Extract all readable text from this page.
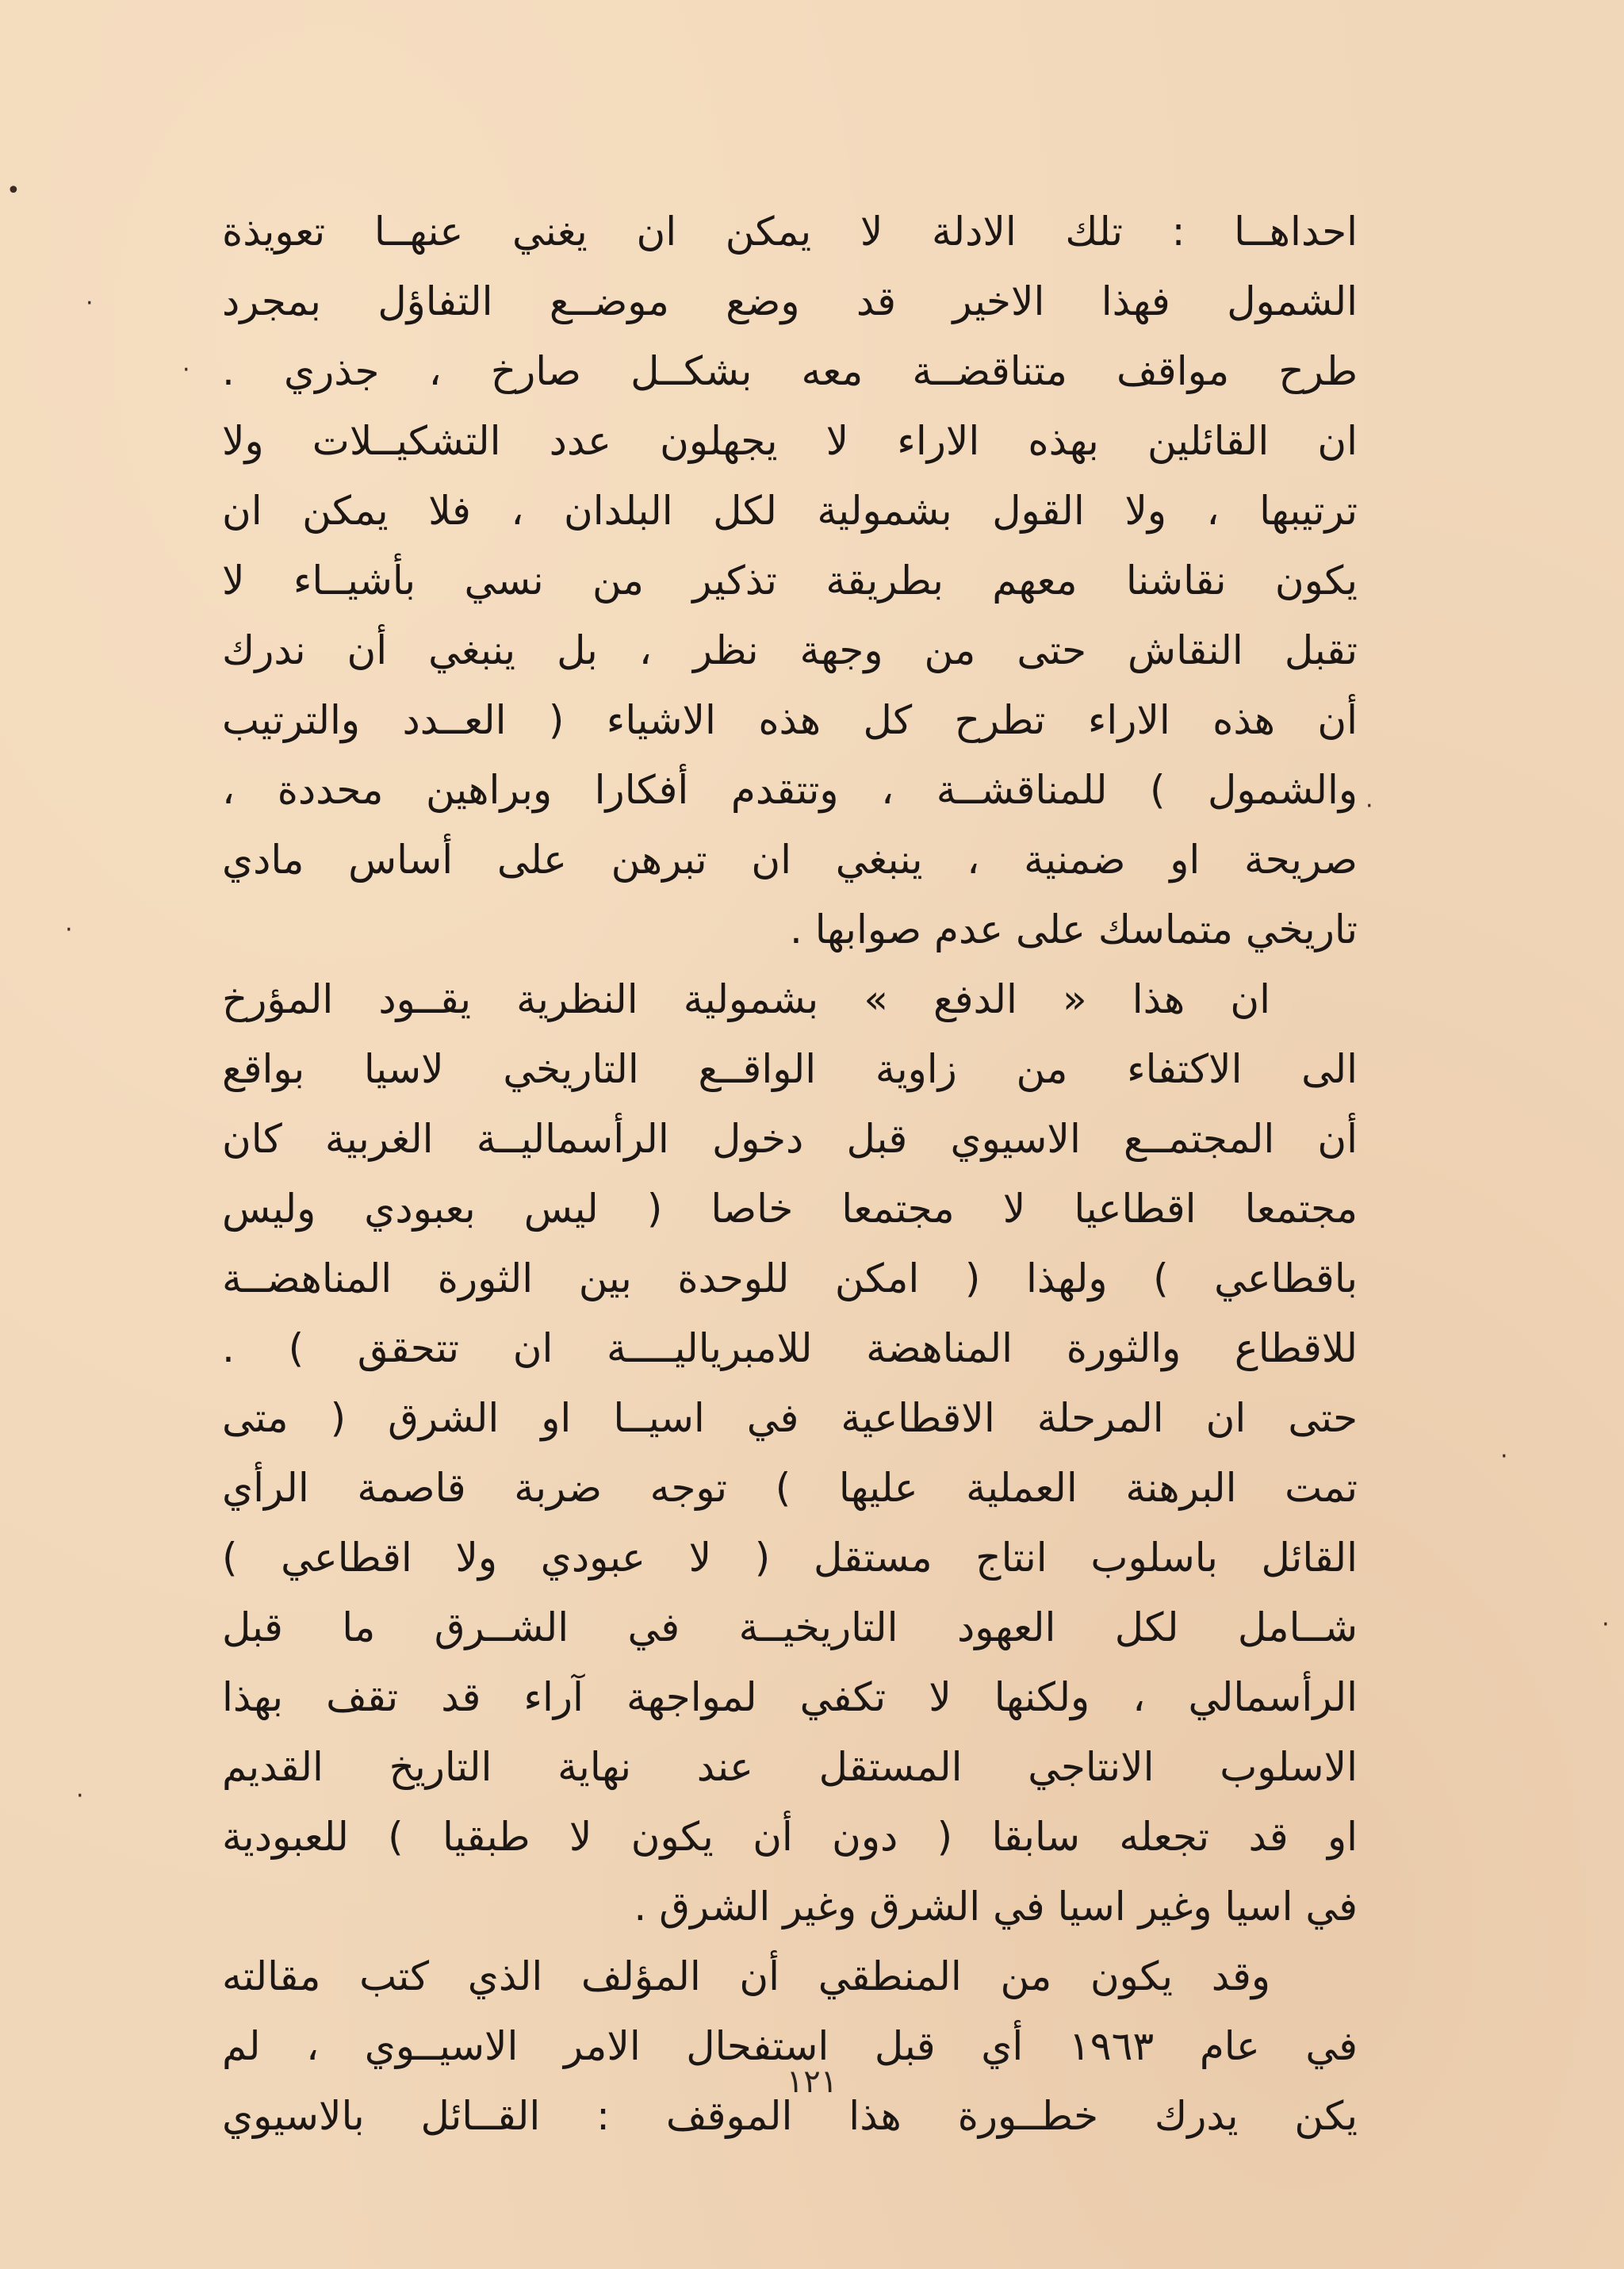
•
·
·
·
·
·
·
·
احداهــا : تلك الادلة لا يمكن ان يغني عنهــا تعويذة
الشمول فهذا الاخير قد وضع موضــع التفاؤل بمجرد
طرح مواقف متناقضــة معه بشكــل صارخ ، جذري .
ان القائلين بهذه الاراء لا يجهلون عدد التشكيــلات ولا
ترتيبها ، ولا القول بشمولية لكل البلدان ، فلا يمكن ان
يكون نقاشنا معهم بطريقة تذكير من نسي بأشيــاء لا
تقبل النقاش حتى من وجهة نظر ، بل ينبغي أن ندرك
أن هذه الاراء تطرح كل هذه الاشياء ( العــدد والترتيب
والشمول ) للمناقشــة ، وتتقدم أفكارا وبراهين محددة ،
صريحة او ضمنية ، ينبغي ان تبرهن على أساس مادي
تاريخي متماسك على عدم صوابها .
ان هذا « الدفع » بشمولية النظرية يقــود المؤرخ
الى الاكتفاء من زاوية الواقــع التاريخي لاسيا بواقع
أن المجتمــع الاسيوي قبل دخول الرأسماليــة الغربية كان
مجتمعا اقطاعيا لا مجتمعا خاصا ( ليس بعبودي وليس
باقطاعي ) ولهذا ( امكن للوحدة بين الثورة المناهضــة
للاقطاع والثورة المناهضة للامبرياليــــة ان تتحقق ) .
حتى ان المرحلة الاقطاعية في اسيــا او الشرق ( متى
تمت البرهنة العملية عليها ) توجه ضربة قاصمة الرأي
القائل باسلوب انتاج مستقل ( لا عبودي ولا اقطاعي )
شــامل لكل العهود التاريخيــة في الشــرق ما قبل
الرأسمالي ، ولكنها لا تكفي لمواجهة آراء قد تقف بهذا
الاسلوب الانتاجي المستقل عند نهاية التاريخ القديم
او قد تجعله سابقا ( دون أن يكون لا طبقيا ) للعبودية
في اسيا وغير اسيا في الشرق وغير الشرق .
وقد يكون من المنطقي أن المؤلف الذي كتب مقالته
في عام ١٩٦٣ أي قبل استفحال الامر الاسيــوي ، لم
يكن يدرك خطــورة هذا الموقف : القــائل بالاسيوي
١٢١
